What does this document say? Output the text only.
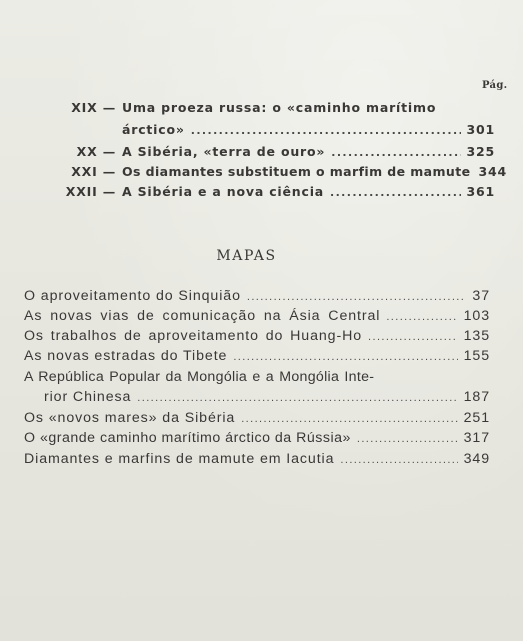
Pág.
XIX — Uma proeza russa: o «caminho marítimo
árctico» .....	301
XX — A Sibéria, «terra de ouro» .....	325
XXI — Os diamantes substituem o marfim de mamute 344
XXII — A Sibéria e a nova ciência .....	361
MAPAS
O aproveitamento do Sinquião .....	37
As novas vias de comunicação na Ásia Central .....	103
Os trabalhos de aproveitamento do Huang-Ho .....	135
As novas estradas do Tibete .....	155
A República Popular da Mongólia e a Mongólia Inte-
rior Chinesa .....	187
Os «novos mares» da Sibéria .....	251
O «grande caminho marítimo árctico da Rússia» .....	317
Diamantes e marfins de mamute em Iacutia .....	349
